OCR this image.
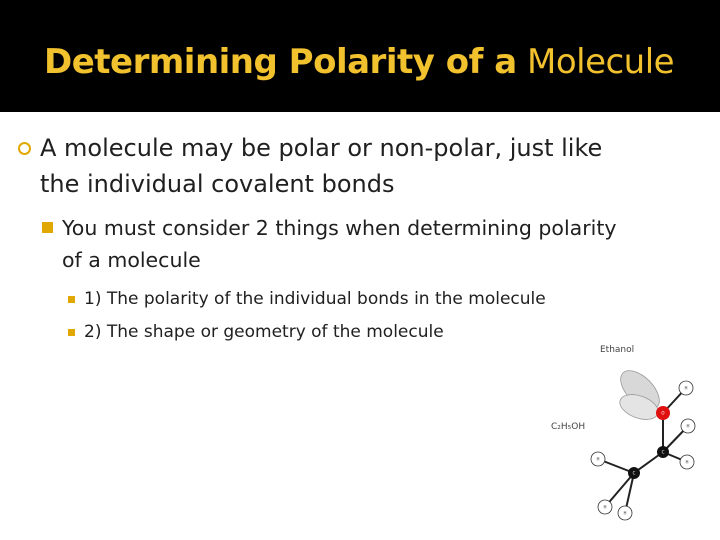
Determining Polarity of a Molecule
A molecule may be polar or non-polar, just like the individual covalent bonds
You must consider 2 things when determining polarity of a molecule
1) The polarity of the individual bonds in the molecule
2) The shape or geometry of the molecule
Ethanol
C₂H₅OH
H
H
H
H
H
H
O
C
C
